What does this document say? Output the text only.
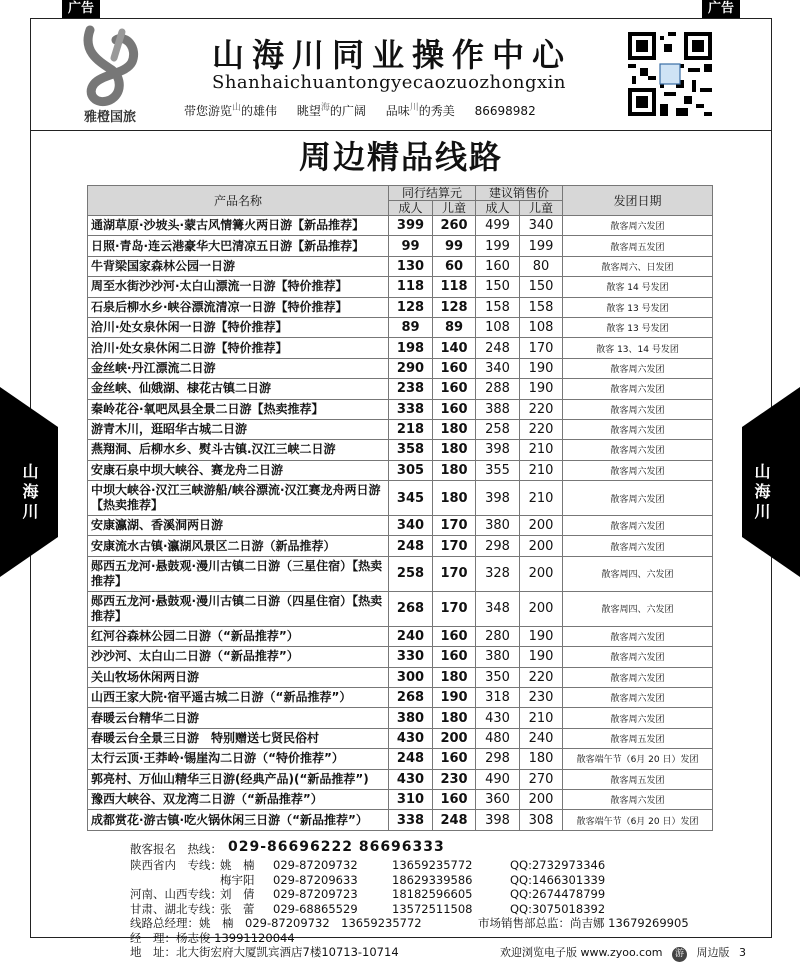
广告	广告
雅橙国旅
山海川同业操作中心
Shanhaichuantongyecaozuozhongxin
带您游览$^山$的雄伟 眺望$^海$的广阔 品味$^川$的秀美 86698982
周边精品线路
山海川	山海川
产品名称	同行结算元		建议销售价		发团日期
	成人	儿童	成人	儿童	
通湖草原·沙坡头·蒙古风情篝火两日游【新品推荐】	399	260	499	340	散客周六发团
日照·青岛·连云港豪华大巴清凉五日游【新品推荐】	99	99	199	199	散客周五发团
牛背梁国家森林公园一日游	130	60	160	80	散客周六、日发团
周至水街沙沙河·太白山漂流一日游【特价推荐】	118	118	150	150	散客 14 号发团
石泉后柳水乡·峡谷漂流清凉一日游【特价推荐】	128	128	158	158	散客 13 号发团
洽川·处女泉休闲一日游【特价推荐】	89	89	108	108	散客 13 号发团
洽川·处女泉休闲二日游【特价推荐】	198	140	248	170	散客 13、14 号发团
金丝峡·丹江漂流二日游	290	160	340	190	散客周六发团
金丝峡、仙娥湖、棣花古镇二日游	238	160	288	190	散客周六发团
秦岭花谷·氧吧凤县全景二日游【热卖推荐】	338	160	388	220	散客周六发团
游青木川，逛昭华古城二日游	218	180	258	220	散客周六发团
燕翔洞、后柳水乡、熨斗古镇.汉江三峡二日游	358	180	398	210	散客周六发团
安康石泉中坝大峡谷、赛龙舟二日游	305	180	355	210	散客周六发团
中坝大峡谷·汉江三峡游船/峡谷漂流·汉江赛龙舟两日游【热卖推荐】	345	180	398	210	散客周六发团
安康瀛湖、香溪洞两日游	340	170	380	200	散客周六发团
安康流水古镇·瀛湖风景区二日游（新品推荐）	248	170	298	200	散客周六发团
郧西五龙河·悬鼓观·漫川古镇二日游（三星住宿）【热卖推荐】	258	170	328	200	散客周四、六发团
郧西五龙河·悬鼓观·漫川古镇二日游（四星住宿）【热卖推荐】	268	170	348	200	散客周四、六发团
红河谷森林公园二日游（“新品推荐”）	240	160	280	190	散客周六发团
沙沙河、太白山二日游（“新品推荐”）	330	160	380	190	散客周六发团
关山牧场休闲两日游	300	180	350	220	散客周六发团
山西王家大院·宿平遥古城二日游（“新品推荐”）	268	190	318	230	散客周六发团
春暖云台精华二日游	380	180	430	210	散客周六发团
春暖云台全景三日游　特别赠送七贤民俗村	430	200	480	240	散客周五发团
太行云顶·王莽岭·锡崖沟二日游（“特价推荐”）	248	160	298	180	散客端午节（6月 20 日）发团
郭亮村、万仙山精华三日游(经典产品)(“新品推荐”)	430	230	490	270	散客周五发团
豫西大峡谷、双龙湾二日游（“新品推荐”）	310	160	360	200	散客周六发团
成都赏花·游古镇·吃火锅休闲三日游（“新品推荐”）	338	248	398	308	散客端午节（6月 20 日）发团
散客报名　热线： 029-86696222 86696333
陕西省内　专线：
姚　楠 029-87209732	13659235772	QQ:2732973346
梅宇阳 029-87209633	18629339586	QQ:1466301339
河南、山西专线：
刘　倩 029-87209723	18182596605	QQ:2674478799
甘肃、湖北专线：
张　蕾 029-68865529	13572511508	QQ:3075018392
线路总经理：姚　楠　029-87209732　13659235772	市场销售部总监：尚吉娜 13679269905
经　理：杨志俊 13991120044
地　址：北大街宏府大厦凯宾酒店7楼10713-10714	欢迎浏览电子版 www.zyoo.com 游 周边版 3
